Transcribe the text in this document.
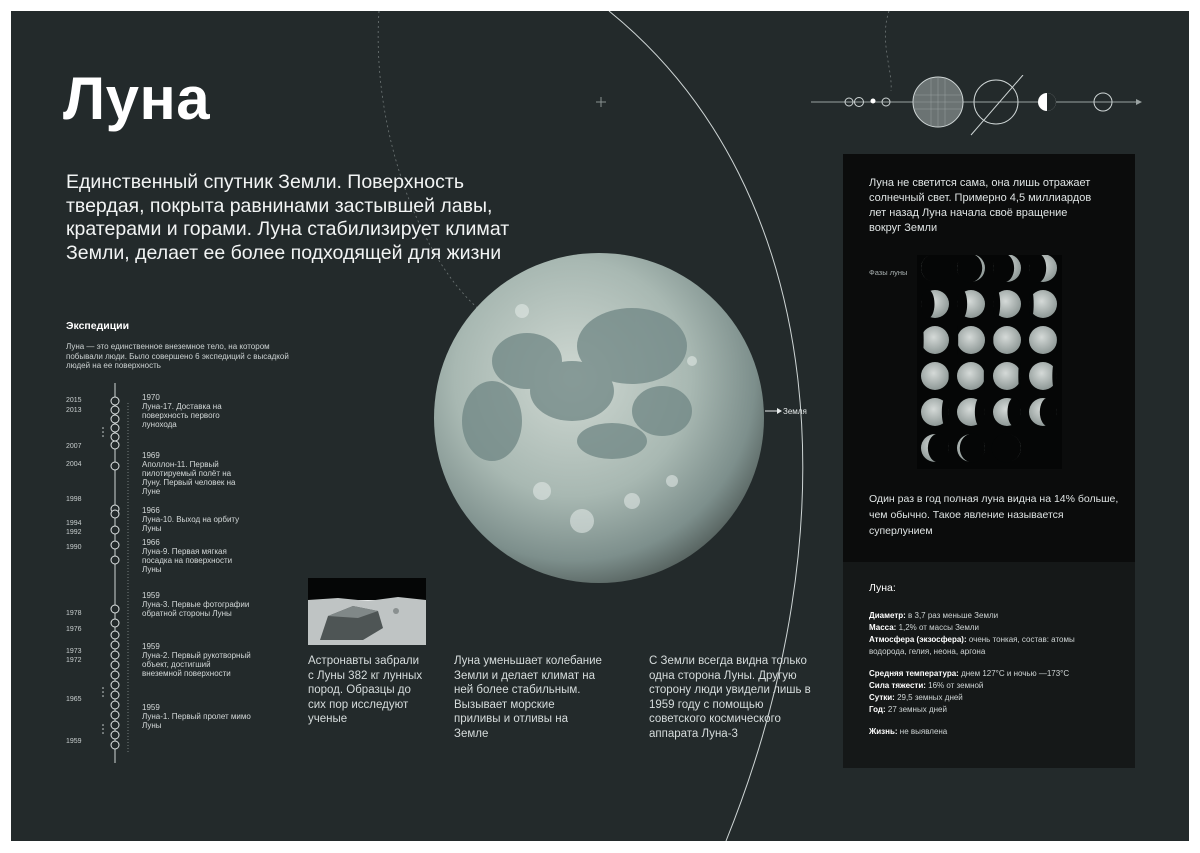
Луна
Единственный спутник Земли. Поверхность твердая, покрыта равнинами застывшей лавы, кратерами и горами. Луна стабилизирует климат Земли, делает ее более подходящей для жизни
Экспедиции
Луна — это единственное внеземное тело, на котором побывали люди. Было совершено 6 экспедиций с высадкой людей на ее поверхность
2015
2013
2007
2004
1998
1994
1992
1990
1978
1976
1973
1972
1965
1959
1970
Луна-17. Доставка на поверхность первого лунохода
1969
Аполлон-11. Первый пилотируемый полёт на Луну. Первый человек на Луне
1966
Луна-10. Выход на орбиту Луны
1966
Луна-9. Первая мягкая посадка на поверхности Луны
1959
Луна-3. Первые фотографии обратной стороны Луны
1959
Луна-2. Первый рукотворный объект, достигший внеземной поверхности
1959
Луна-1. Первый пролет мимо Луны
Земля
Астронавты забрали с Луны 382 кг лунных пород. Образцы до сих пор исследуют ученые
Луна уменьшает колебание Земли и делает климат на ней более стабильным. Вызывает морские приливы и отливы на Земле
С Земли всегда видна только одна сторона Луны. Другую сторону люди увидели лишь в 1959 году с помощью советского космического аппарата Луна-3
Луна не светится сама, она лишь отражает солнечный свет. Примерно 4,5 миллиардов лет назад Луна начала своё вращение вокруг Земли
Фазы луны
Один раз в год полная луна видна на 14% больше, чем обычно. Такое явление называется суперлунием
Луна:
Диаметр: в 3,7 раз меньше Земли
Масса: 1,2% от массы Земли
Атмосфера (экзосфера): очень тонкая, состав: атомы водорода, гелия, неона, аргона
Средняя температура: днем 127°С и ночью —173°С
Сила тяжести: 16% от земной
Сутки: 29,5 земных дней
Год: 27 земных дней
Жизнь: не выявлена
